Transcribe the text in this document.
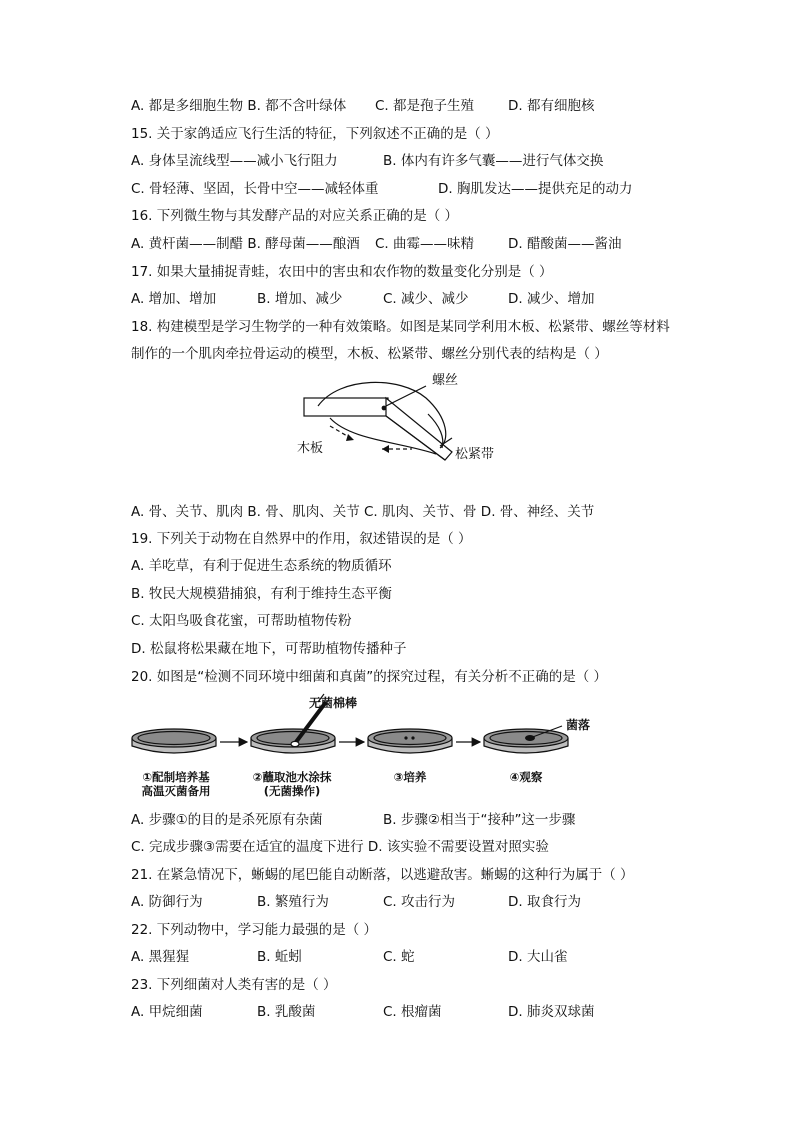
A. 都是多细胞生物 B. 都不含叶绿体 C. 都是孢子生殖	D. 都有细胞核
15. 关于家鸽适应飞行生活的特征，下列叙述不正确的是（ ）
A. 身体呈流线型——减小飞行阻力	B. 体内有许多气囊——进行气体交换
C. 骨轻薄、坚固，长骨中空——减轻体重	D. 胸肌发达——提供充足的动力
16. 下列微生物与其发酵产品的对应关系正确的是（ ）
A. 黄杆菌——制醋 B. 酵母菌——酿酒 C. 曲霉——味精	D. 醋酸菌——酱油
17. 如果大量捕捉青蛙，农田中的害虫和农作物的数量变化分别是（ ）
A. 增加、增加	B. 增加、减少	C. 减少、减少	D. 减少、增加
18. 构建模型是学习生物学的一种有效策略。如图是某同学利用木板、松紧带、螺丝等材料
制作的一个肌肉牵拉骨运动的模型，木板、松紧带、螺丝分别代表的结构是（ ）
螺丝
木板	松紧带
A. 骨、关节、肌肉 B. 骨、肌肉、关节 C. 肌肉、关节、骨 D. 骨、神经、关节
19. 下列关于动物在自然界中的作用，叙述错误的是（ ）
A. 羊吃草，有利于促进生态系统的物质循环
B. 牧民大规模猎捕狼，有利于维持生态平衡
C. 太阳鸟吸食花蜜，可帮助植物传粉
D. 松鼠将松果藏在地下，可帮助植物传播种子
20. 如图是“检测不同环境中细菌和真菌”的探究过程，有关分析不正确的是（ ）
无菌棉棒
菌落
①配制培养基
高温灭菌备用
②蘸取池水涂抹
(无菌操作)
③培养	④观察
A. 步骤①的目的是杀死原有杂菌	B. 步骤②相当于“接种”这一步骤
C. 完成步骤③需要在适宜的温度下进行 D. 该实验不需要设置对照实验
21. 在紧急情况下，蜥蜴的尾巴能自动断落，以逃避敌害。蜥蜴的这种行为属于（ ）
A. 防御行为	B. 繁殖行为	C. 攻击行为	D. 取食行为
22. 下列动物中，学习能力最强的是（ ）
A. 黑猩猩	B. 蚯蚓	C. 蛇	D. 大山雀
23. 下列细菌对人类有害的是（ ）
A. 甲烷细菌	B. 乳酸菌	C. 根瘤菌	D. 肺炎双球菌
